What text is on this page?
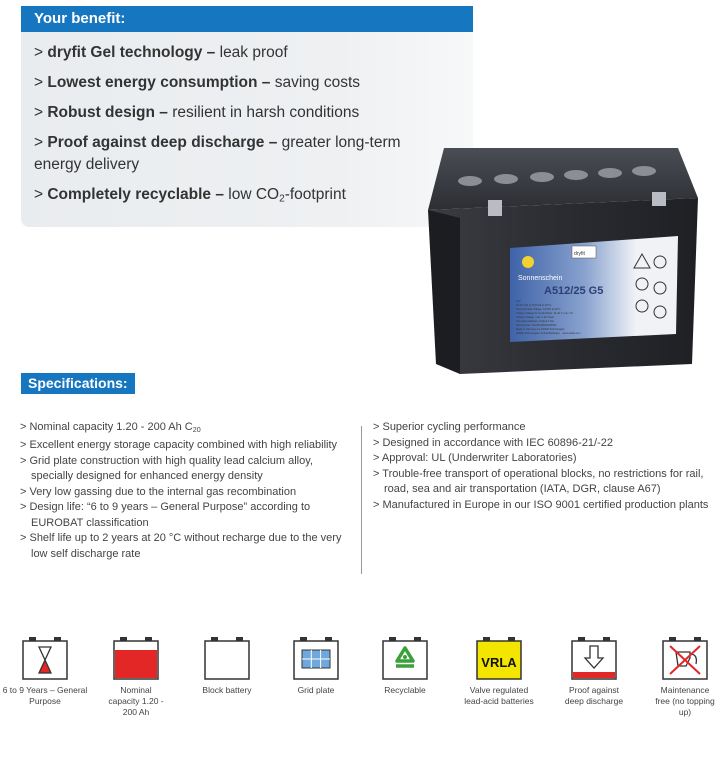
Your benefit:
> dryfit Gel technology – leak proof
> Lowest energy consumption – saving costs
> Robust design – resilient in harsh conditions
> Proof against deep discharge – greater long-term energy delivery
> Completely recyclable – low $CO_2$-footprint
Sonnenschein
dryfit
A512/25 G5
12V
25 Ah C20 (1.75V/cell at 20°C)
Nominal Float Voltage: 13.65V at 20°C
Charge Voltage for Cycle Mode: 14.40 V, max. 1h
Charge Voltage: max. 2.40 V/cell
Terminal Hardware: Torque 6 Nm
Part Number: NGA5120025HS0SA
Made in Germany by EXIDE Technologies
EXIDE Technologies GmbH Biedingen · www.exide.com
Specifications:
> Nominal capacity 1.20 - 200 Ah $C_{20}$
> Excellent energy storage capacity combined with high reliability
> Grid plate construction with high quality lead calcium alloy, specially designed for enhanced energy density
> Very low gassing due to the internal gas recombination
> Design life: “6 to 9 years – General Purpose” according to EUROBAT classification
> Shelf life up to 2 years at 20 °C without recharge due to the very low self discharge rate
> Superior cycling performance
> Designed in accordance with IEC 60896-21/-22
> Approval: UL (Underwriter Laboratories)
> Trouble-free transport of operational blocks, no restrictions for rail, road, sea and air transportation (IATA, DGR, clause A67)
> Manufactured in Europe in our ISO 9001 certified production plants
6 to 9 Years – General Purpose
Nominal capacity 1.20 - 200 Ah
Block battery	Grid plate	Recyclable
VRLA
Valve regulated lead-acid batteries
Proof against deep discharge
Maintenance free (no topping up)
